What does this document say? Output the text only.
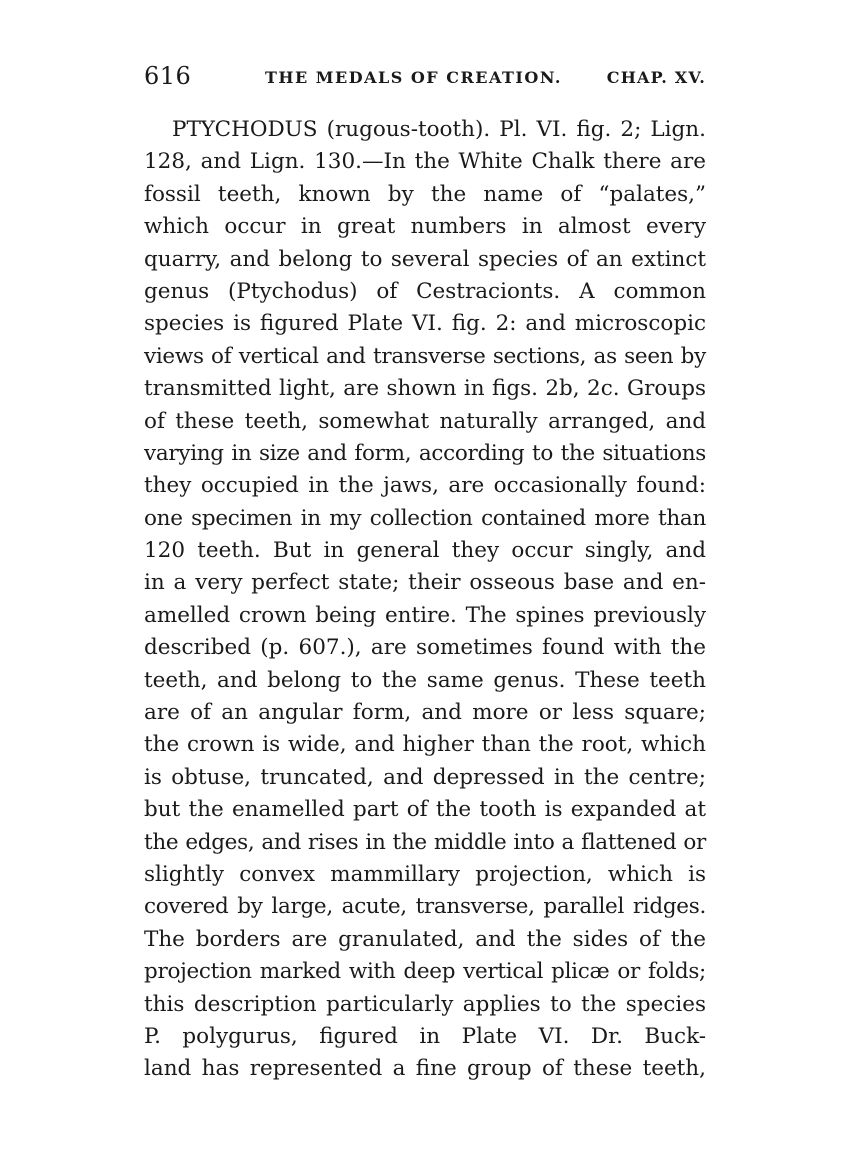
616	THE MEDALS OF CREATION.	CHAP. XV.
PTYCHODUS (rugous-tooth). Pl. VI. fig. 2; Lign.
128, and Lign. 130.—In the White Chalk there are
fossil teeth, known by the name of “palates,”
which occur in great numbers in almost every
quarry, and belong to several species of an extinct
genus (Ptychodus) of Cestracionts. A common
species is figured Plate VI. fig. 2: and microscopic
views of vertical and transverse sections, as seen by
transmitted light, are shown in figs. 2b, 2c. Groups
of these teeth, somewhat naturally arranged, and
varying in size and form, according to the situations
they occupied in the jaws, are occasionally found:
one specimen in my collection contained more than
120 teeth. But in general they occur singly, and
in a very perfect state; their osseous base and en-
amelled crown being entire. The spines previously
described (p. 607.), are sometimes found with the
teeth, and belong to the same genus. These teeth
are of an angular form, and more or less square;
the crown is wide, and higher than the root, which
is obtuse, truncated, and depressed in the centre;
but the enamelled part of the tooth is expanded at
the edges, and rises in the middle into a flattened or
slightly convex mammillary projection, which is
covered by large, acute, transverse, parallel ridges.
The borders are granulated, and the sides of the
projection marked with deep vertical plicæ or folds;
this description particularly applies to the species
P. polygurus, figured in Plate VI. Dr. Buck-
land has represented a fine group of these teeth,
